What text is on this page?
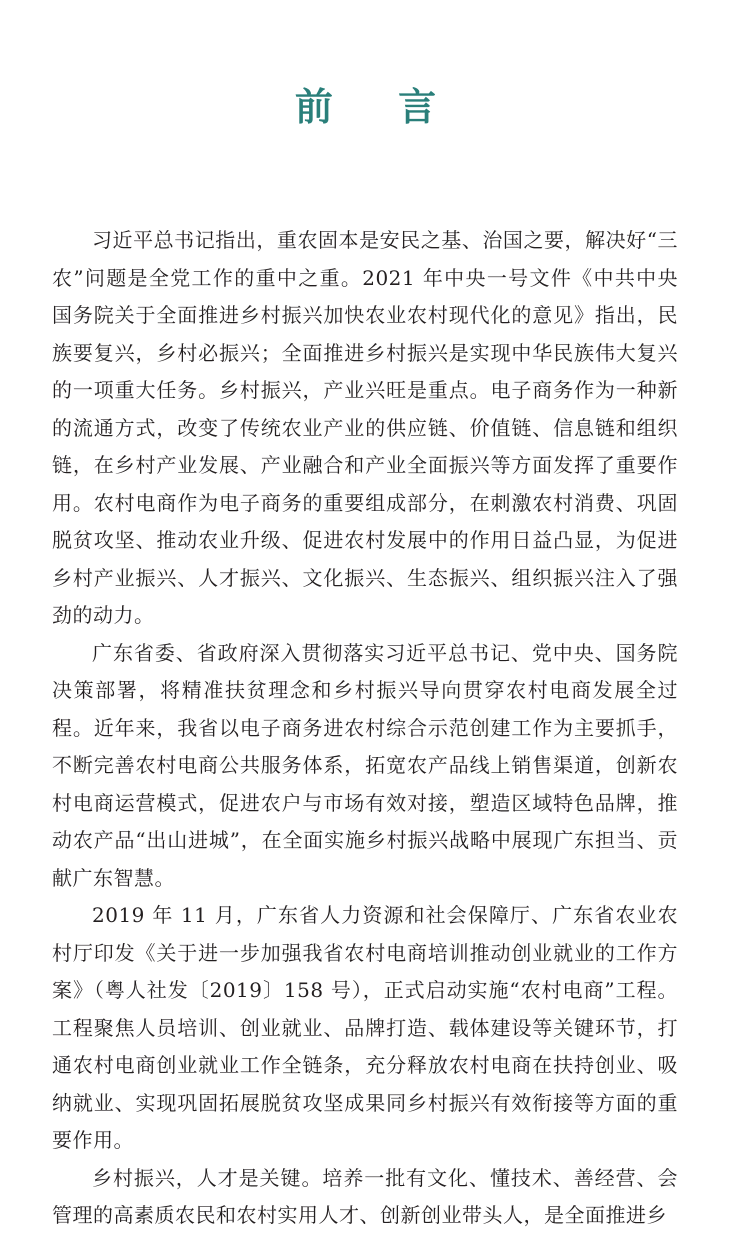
前 言

习近平总书记指出，重农固本是安民之基、治国之要，解决好“三农”问题是全党工作的重中之重。2021 年中央一号文件《中共中央 国务院关于全面推进乡村振兴加快农业农村现代化的意见》指出，民族要复兴，乡村必振兴；全面推进乡村振兴是实现中华民族伟大复兴的一项重大任务。乡村振兴，产业兴旺是重点。电子商务作为一种新的流通方式，改变了传统农业产业的供应链、价值链、信息链和组织链，在乡村产业发展、产业融合和产业全面振兴等方面发挥了重要作用。农村电商作为电子商务的重要组成部分，在刺激农村消费、巩固脱贫攻坚、推动农业升级、促进农村发展中的作用日益凸显，为促进乡村产业振兴、人才振兴、文化振兴、生态振兴、组织振兴注入了强劲的动力。

广东省委、省政府深入贯彻落实习近平总书记、党中央、国务院决策部署，将精准扶贫理念和乡村振兴导向贯穿农村电商发展全过程。近年来，我省以电子商务进农村综合示范创建工作为主要抓手，不断完善农村电商公共服务体系，拓宽农产品线上销售渠道，创新农村电商运营模式，促进农户与市场有效对接，塑造区域特色品牌，推动农产品“出山进城”，在全面实施乡村振兴战略中展现广东担当、贡献广东智慧。

2019 年 11 月，广东省人力资源和社会保障厅、广东省农业农村厅印发《关于进一步加强我省农村电商培训推动创业就业的工作方案》（粤人社发〔2019〕158 号），正式启动实施“农村电商”工程。工程聚焦人员培训、创业就业、品牌打造、载体建设等关键环节，打通农村电商创业就业工作全链条，充分释放农村电商在扶持创业、吸纳就业、实现巩固拓展脱贫攻坚成果同乡村振兴有效衔接等方面的重要作用。

乡村振兴，人才是关键。培养一批有文化、懂技术、善经营、会管理的高素质农民和农村实用人才、创新创业带头人，是全面推进乡
